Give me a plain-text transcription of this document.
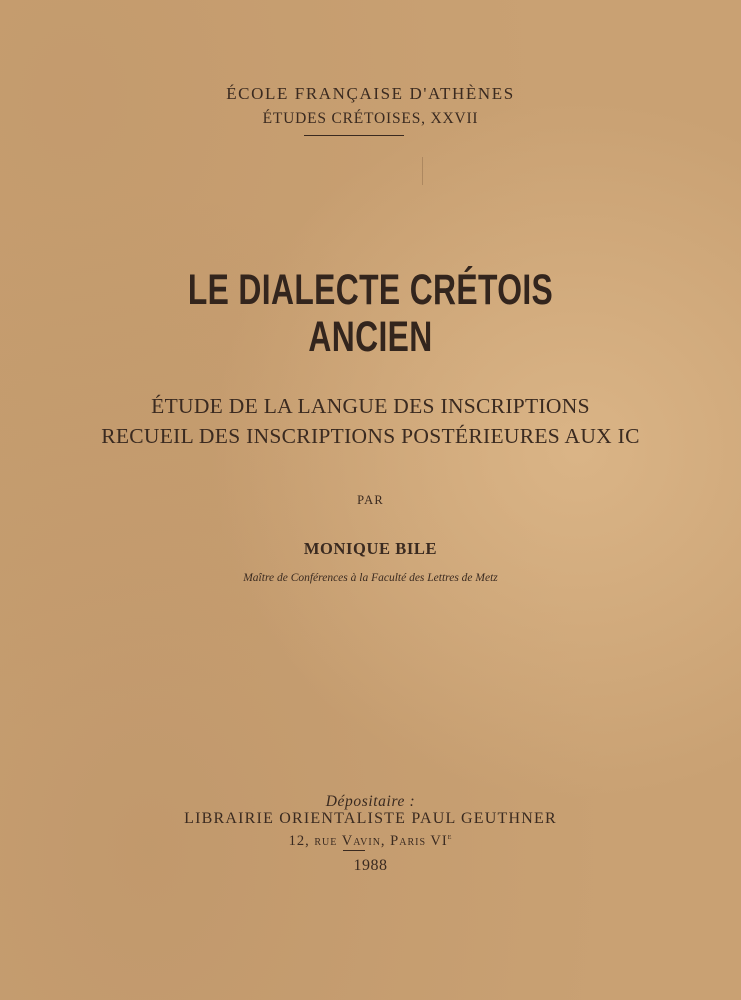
ÉCOLE FRANÇAISE D'ATHÈNES
ÉTUDES CRÉTOISES, XXVII
LE DIALECTE CRÉTOIS
ANCIEN
ÉTUDE DE LA LANGUE DES INSCRIPTIONS
RECUEIL DES INSCRIPTIONS POSTÉRIEURES AUX IC
PAR
MONIQUE BILE
Maître de Conférences à la Faculté des Lettres de Metz
Dépositaire :
LIBRAIRIE ORIENTALISTE PAUL GEUTHNER
12, rue Vavin, Paris VIe
1988
